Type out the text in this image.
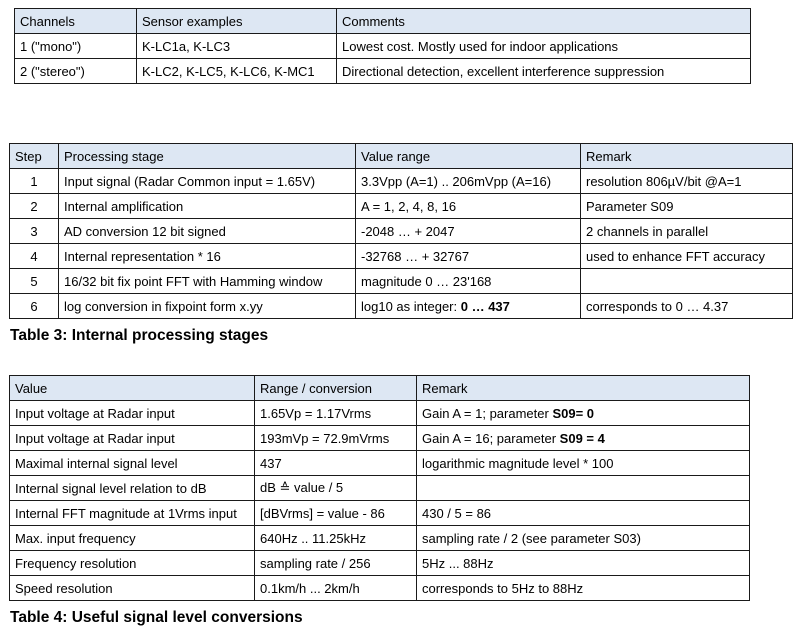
Channels	Sensor examples	Comments
1 ("mono")	K-LC1a, K-LC3	Lowest cost. Mostly used for indoor applications
2 ("stereo")	K-LC2, K-LC5, K-LC6, K-MC1	Directional detection, excellent interference suppression
Step	Processing stage	Value range	Remark
1	Input signal (Radar Common input = 1.65V)	3.3Vpp (A=1) .. 206mVpp (A=16)	resolution 806µV/bit @A=1
2	Internal amplification	A = 1, 2, 4, 8, 16	Parameter S09
3	AD conversion 12 bit signed	-2048 … + 2047	2 channels in parallel
4	Internal representation * 16	-32768 … + 32767	used to enhance FFT accuracy
5	16/32 bit fix point FFT with Hamming window	magnitude 0 … 23'168	
6	log conversion in fixpoint form x.yy	log10 as integer: 0 … 437	corresponds to 0 … 4.37
Table 3: Internal processing stages
Value	Range / conversion	Remark
Input voltage at Radar input	1.65Vp = 1.17Vrms	Gain A = 1; parameter S09= 0
Input voltage at Radar input	193mVp = 72.9mVrms	Gain A = 16; parameter S09 = 4
Maximal internal signal level	437	logarithmic magnitude level * 100
Internal signal level relation to dB	dB ≙ value / 5	
Internal FFT magnitude at 1Vrms input	[dBVrms] = value - 86	430 / 5 = 86
Max. input frequency	640Hz .. 11.25kHz	sampling rate / 2 (see parameter S03)
Frequency resolution	sampling rate / 256	5Hz ... 88Hz
Speed resolution	0.1km/h ... 2km/h	corresponds to 5Hz to 88Hz
Table 4: Useful signal level conversions
